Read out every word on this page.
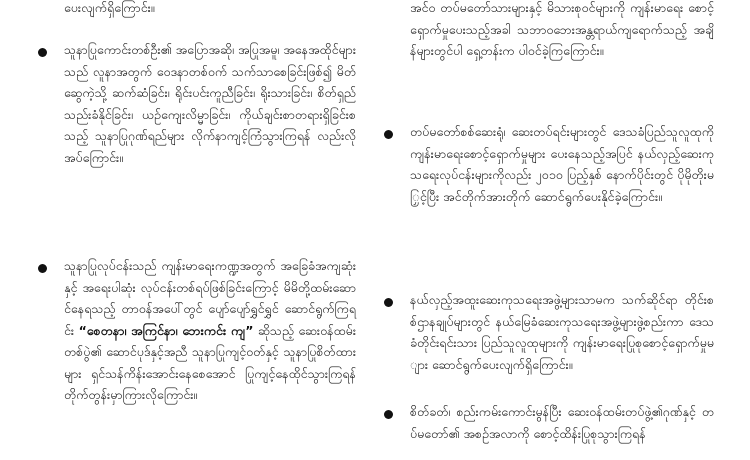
ပေးလျက်ရှိကြောင်း။
သူနာပြုကောင်းတစ်ဦး၏ အပြောအဆို၊ အပြုအမူ၊ အနေအထိုင်များသည် လူနာအတွက် ဝေဒနာတစ်ဝက် သက်သာစေခြင်းဖြစ်၍ မိတ်ဆွေကဲ့သို့ ဆက်ဆံခြင်း၊ ရိုင်းပင်းကူညီခြင်း၊ ရိုးသားခြင်း၊ စိတ်ရှည်သည်းခံနိုင်ခြင်း၊ ယဉ်ကျေးလိမ္မာခြင်း၊ ကိုယ်ချင်းစာတရားရှိခြင်းစသည့် သူနာပြုဂုဏ်ရည်များ လိုက်နာကျင့်ကြံသွားကြရန် လည်းလိုအပ်ကြောင်း။
သူနာပြုလုပ်ငန်းသည် ကျန်းမာရေးကဏ္ဍအတွက် အခြေခံအကျဆုံးနှင့် အရေးပါဆုံး လုပ်ငန်းတစ်ရပ်ဖြစ်ခြင်းကြောင့် မိမိတို့ထမ်းဆောင်နေရသည့် တာဝန်အပေါ်တွင် ပျော်ပျော်ရွှင်ရွှင် ဆောင်ရွက်ကြရင်း “စေတနာ၊ အကြင်နာ၊ ဘေးကင်း ကျ” ဆိုသည့် ဆေးဝန်ထမ်းတစ်ပွဲ၏ ဆောင်ပုဒ်နှင့်အညီ သူနာပြုကျင့်ဝတ်နှင့် သူနာပြုစိတ်ထားများ ရှင်သန်ကိန်းအောင်းနေစေအောင် ပြုကျင့်နေထိုင်သွားကြရန် တိုက်တွန်းမှာကြားလိုကြောင်း။
အင်ဝ တပ်မတော်သားများနှင့် မိသားစုဝင်များကို ကျန်းမာရေး စောင့်ရှောက်မှုပေးသည့်အခါ သဘာဝဘေးအန္တရာယ်ကျရောက်သည့် အချိန်များတွင်ပါ ရှေ့တန်းက ပါဝင်ခဲ့ကြကြောင်း။
တပ်မတော်စစ်ဆေးရုံ၊ ဆေးတပ်ရင်းများတွင် ဒေသခံပြည်သူလူထုကို ကျန်းမာရေးစောင့်ရှောက်မှုများ ပေးနေသည့်အပြင် နယ်လှည့်ဆေးကုသရေးလုပ်ငန်းများကိုလည်း ၂၀၁၀ ပြည့်နှစ် နောက်ပိုင်းတွင် ပိုမိုတိုးမြှင့်ပြီး အင်တိုက်အားတိုက် ဆောင်ရွက်ပေးနိုင်ခဲ့ကြောင်း။
နယ်လှည့်အထူးဆေးကုသရေးအဖွဲ့များသာမက သက်ဆိုင်ရာ တိုင်းစစ်ဌာနချုပ်များတွင် နယ်မြေခံဆေးကုသရေးအဖွဲ့များဖွဲ့စည်းကာ ဒေသခံတိုင်းရင်းသား ပြည်သူလူထုများကို ကျန်းမာရေးပြုစုစောင့်ရှောက်မှုများ ဆောင်ရွက်ပေးလျက်ရှိကြောင်း။
စိတ်ခတ်၊ စည်းကမ်းကောင်းမွန်ပြီး ဆေးဝန်ထမ်းတပ်ဖွဲ့၏ဂုဏ်နှင့် တပ်မတော်၏ အစဉ်အလာကို စောင့်ထိန်းပြုစုသွားကြရန်
